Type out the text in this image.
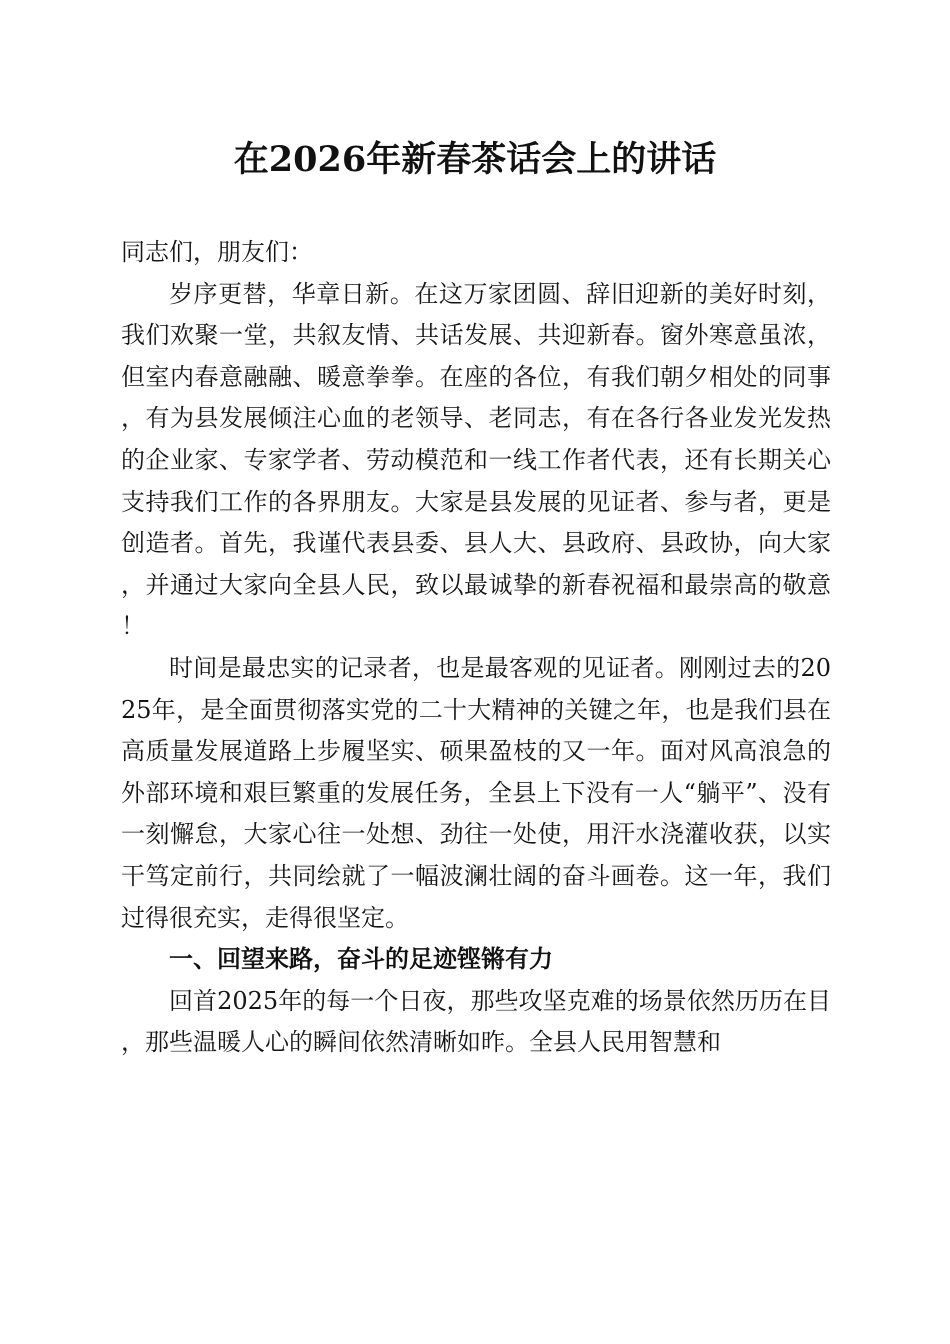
在2026年新春茶话会上的讲话

同志们，朋友们：

岁序更替，华章日新。在这万家团圆、辞旧迎新的美好时刻，我们欢聚一堂，共叙友情、共话发展、共迎新春。窗外寒意虽浓，但室内春意融融、暖意拳拳。在座的各位，有我们朝夕相处的同事，有为县发展倾注心血的老领导、老同志，有在各行各业发光发热的企业家、专家学者、劳动模范和一线工作者代表，还有长期关心支持我们工作的各界朋友。大家是县发展的见证者、参与者，更是创造者。首先，我谨代表县委、县人大、县政府、县政协，向大家，并通过大家向全县人民，致以最诚挚的新春祝福和最崇高的敬意！

时间是最忠实的记录者，也是最客观的见证者。刚刚过去的2025年，是全面贯彻落实党的二十大精神的关键之年，也是我们县在高质量发展道路上步履坚实、硕果盈枝的又一年。面对风高浪急的外部环境和艰巨繁重的发展任务，全县上下没有一人“躺平”、没有一刻懈怠，大家心往一处想、劲往一处使，用汗水浇灌收获，以实干笃定前行，共同绘就了一幅波澜壮阔的奋斗画卷。这一年，我们过得很充实，走得很坚定。

一、回望来路，奋斗的足迹铿锵有力

回首2025年的每一个日夜，那些攻坚克难的场景依然历历在目，那些温暖人心的瞬间依然清晰如昨。全县人民用智慧和
